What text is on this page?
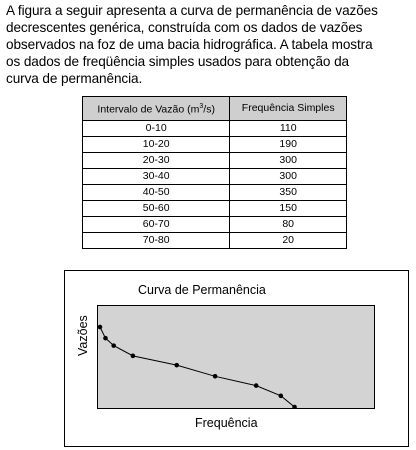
A figura a seguir apresenta a curva de permanência de vazões
decrescentes genérica, construída com os dados de vazões
observados na foz de uma bacia hidrográfica. A tabela mostra
os dados de freqüência simples usados para obtenção da
curva de permanência.
Intervalo de Vazão $(m^3/s)$	Frequência Simples
0-10	110
10-20	190
20-30	300
30-40	300
40-50	350
50-60	150
60-70	80
70-80	20
Curva de Permanência
Vazões
Frequência
